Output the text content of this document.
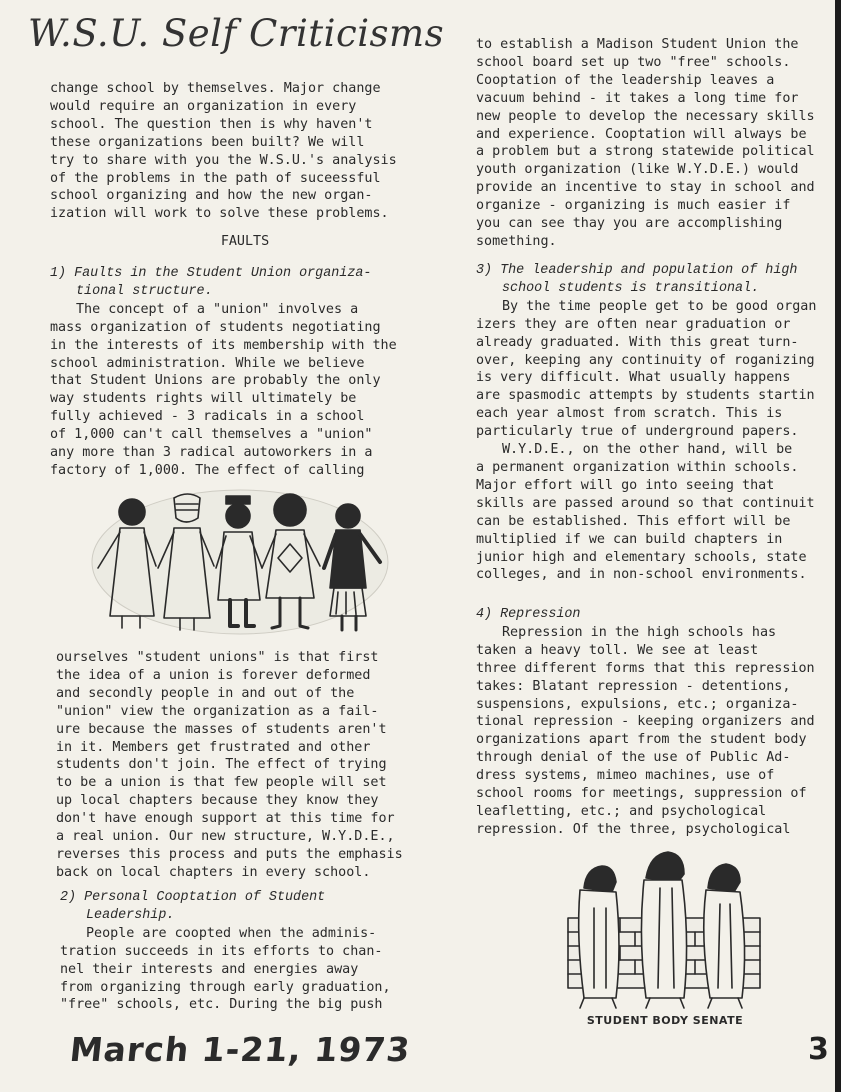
W.S.U. Self Criticisms

change school by themselves. Major change

would require an organization in every

school. The question then is why haven't

these organizations been built? We will

try to share with you the W.S.U.'s analysis

of the problems in the path of suceessful

school organizing and how the new organ-

ization will work to solve these problems.

FAULTS

1) Faults in the Student Union organiza-

tional structure.

The concept of a "union" involves a

mass organization of students negotiating

in the interests of its membership with the

school administration. While we believe

that Student Unions are probably the only

way students rights will ultimately be

fully achieved - 3 radicals in a school

of 1,000 can't call themselves a "union"

any more than 3 radical autoworkers in a

factory of 1,000. The effect of calling

ourselves "student unions" is that first

the idea of a union is forever deformed

and secondly people in and out of the

"union" view the organization as a fail-

ure because the masses of students aren't

in it. Members get frustrated and other

students don't join. The effect of trying

to be a union is that few people will set

up local chapters because they know they

don't have enough support at this time for

a real union. Our new structure, W.Y.D.E.,

reverses this process and puts the emphasis

back on local chapters in every school.

2) Personal Cooptation of Student

Leadership.

People are coopted when the adminis-

tration succeeds in its efforts to chan-

nel their interests and energies away

from organizing through early graduation,

"free" schools, etc. During the big push

to establish a Madison Student Union the

school board set up two "free" schools.

Cooptation of the leadership leaves a

vacuum behind - it takes a long time for

new people to develop the necessary skills

and experience. Cooptation will always be

a problem but a strong statewide political

youth organization (like W.Y.D.E.) would

provide an incentive to stay in school and

organize - organizing is much easier if

you can see thay you are accomplishing

something.

3) The leadership and population of high

school students is transitional.

By the time people get to be good organ

izers they are often near graduation or

already graduated. With this great turn-

over, keeping any continuity of roganizing

is very difficult. What usually happens

are spasmodic attempts by students startin

each year almost from scratch. This is

particularly true of underground papers.

W.Y.D.E., on the other hand, will be

a permanent organization within schools.

Major effort will go into seeing that

skills are passed around so that continuit

can be established. This effort will be

multiplied if we can build chapters in

junior high and elementary schools, state

colleges, and in non-school environments.

4) Repression

Repression in the high schools has

taken a heavy toll. We see at least

three different forms that this repression

takes: Blatant repression - detentions,

suspensions, expulsions, etc.; organiza-

tional repression - keeping organizers and

organizations apart from the student body

through denial of the use of Public Ad-

dress systems, mimeo machines, use of

school rooms for meetings, suppression of

leafletting, etc.; and psychological

repression. Of the three, psychological

STUDENT BODY SENATE
March 1-21, 1973	3
